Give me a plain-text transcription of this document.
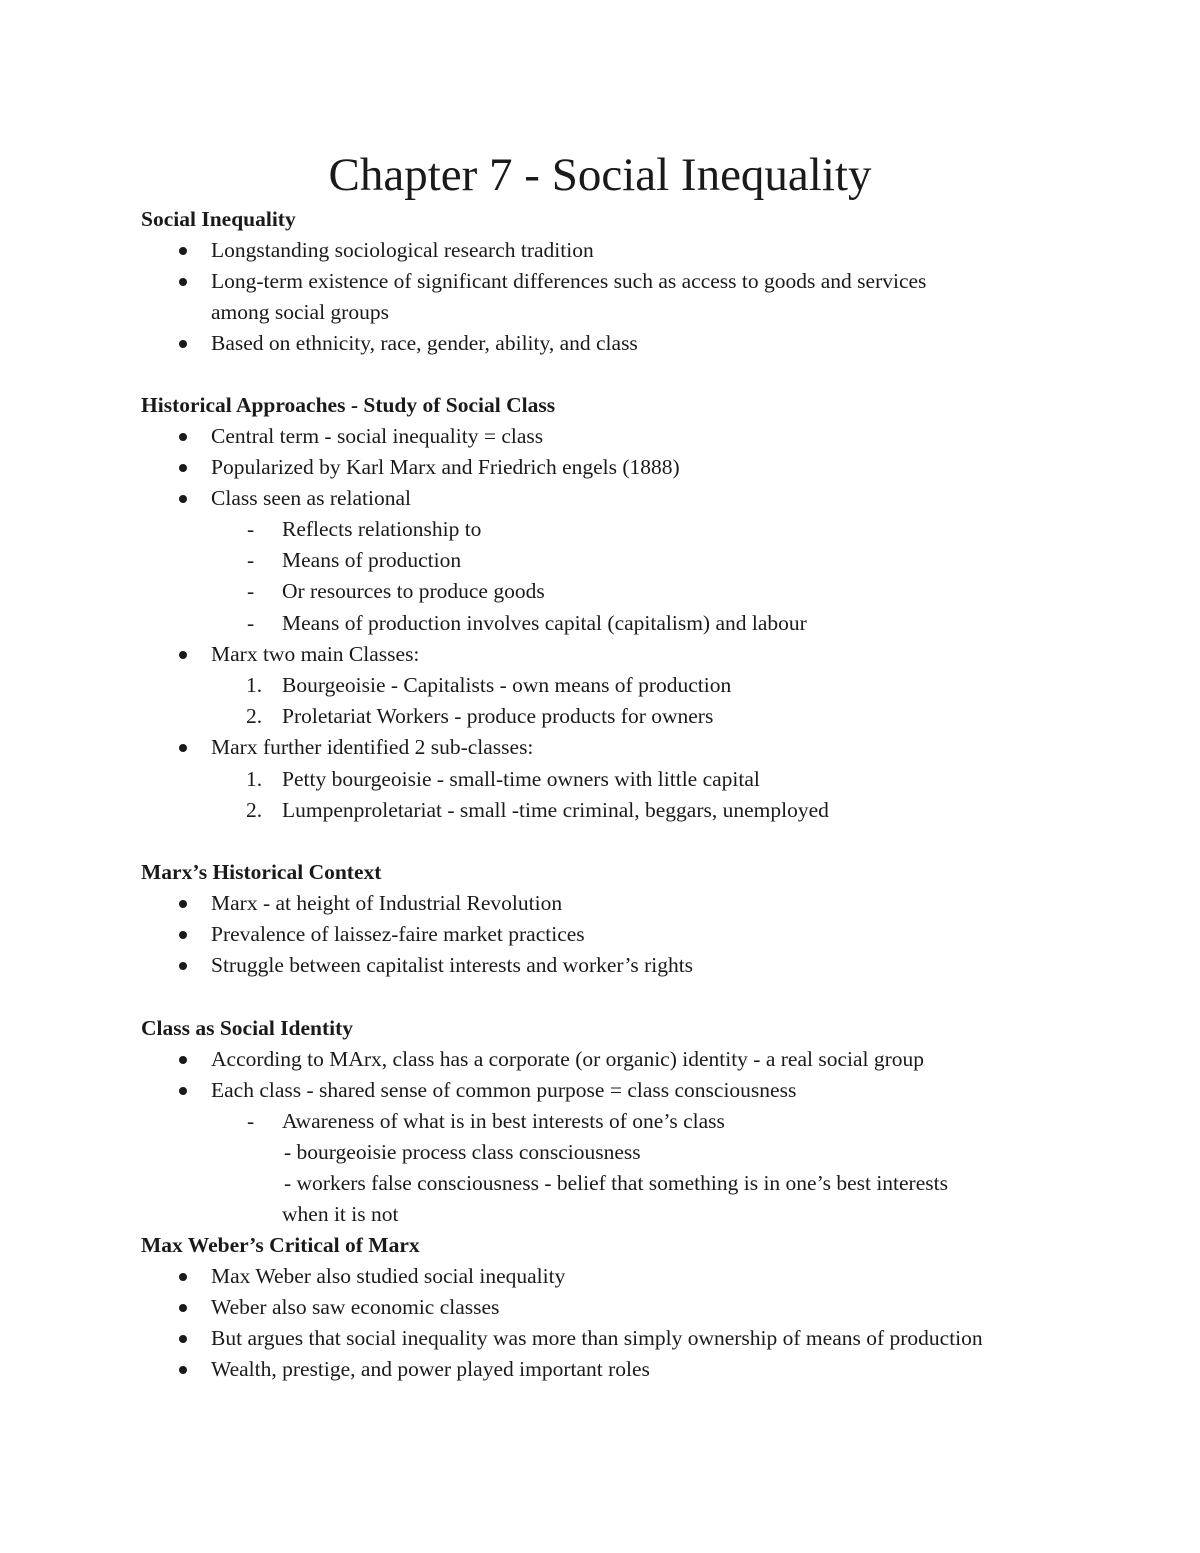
Chapter 7 - Social Inequality
Social Inequality
Longstanding sociological research tradition
Long-term existence of significant differences such as access to goods and services
among social groups
Based on ethnicity, race, gender, ability, and class
Historical Approaches - Study of Social Class
Central term - social inequality = class
Popularized by Karl Marx and Friedrich engels (1888)
Class seen as relational
- Reflects relationship to
- Means of production
- Or resources to produce goods
- Means of production involves capital (capitalism) and labour
Marx two main Classes:
1. Bourgeoisie - Capitalists - own means of production
2. Proletariat Workers - produce products for owners
Marx further identified 2 sub-classes:
1. Petty bourgeoisie - small-time owners with little capital
2. Lumpenproletariat - small -time criminal, beggars, unemployed
Marx’s Historical Context
Marx - at height of Industrial Revolution
Prevalence of laissez-faire market practices
Struggle between capitalist interests and worker’s rights
Class as Social Identity
According to MArx, class has a corporate (or organic) identity - a real social group
Each class - shared sense of common purpose = class consciousness
- Awareness of what is in best interests of one’s class
- bourgeoisie process class consciousness
- workers false consciousness - belief that something is in one’s best interests
when it is not
Max Weber’s Critical of Marx
Max Weber also studied social inequality
Weber also saw economic classes
But argues that social inequality was more than simply ownership of means of production
Wealth, prestige, and power played important roles
